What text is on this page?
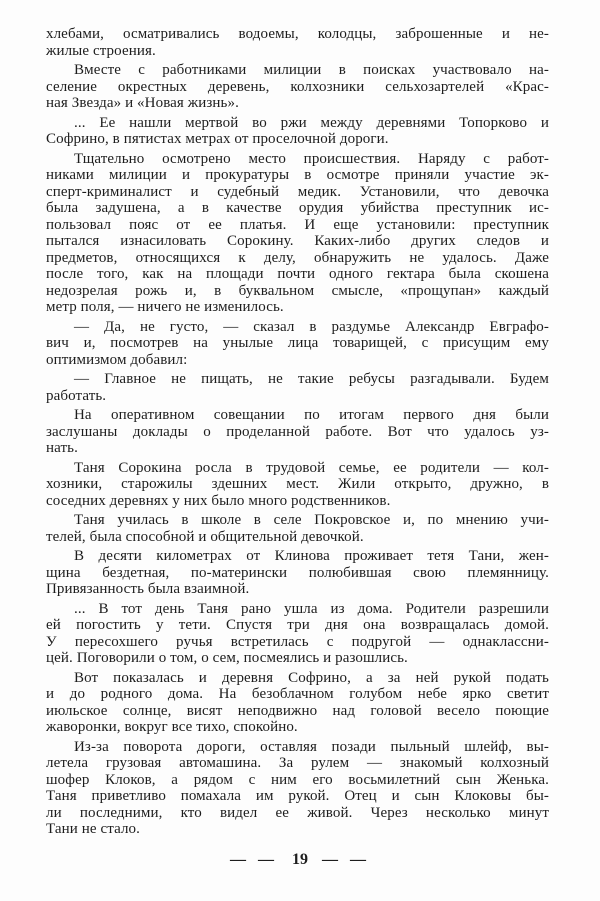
хлебами, осматривались водоемы, колодцы, заброшенные и не-
жилые строения.
Вместе с работниками милиции в поисках участвовало на-
селение окрестных деревень, колхозники сельхозартелей «Крас-
ная Звезда» и «Новая жизнь».
... Ее нашли мертвой во ржи между деревнями Топорково и
Софрино, в пятистах метрах от проселочной дороги.
Тщательно осмотрено место происшествия. Наряду с работ-
никами милиции и прокуратуры в осмотре приняли участие эк-
сперт-криминалист и судебный медик. Установили, что девочка
была задушена, а в качестве орудия убийства преступник ис-
пользовал пояс от ее платья. И еще установили: преступник
пытался изнасиловать Сорокину. Каких-либо других следов и
предметов, относящихся к делу, обнаружить не удалось. Даже
после того, как на площади почти одного гектара была скошена
недозрелая рожь и, в буквальном смысле, «прощупан» каждый
метр поля, — ничего не изменилось.
— Да, не густо, — сказал в раздумье Александр Евграфо-
вич и, посмотрев на унылые лица товарищей, с присущим ему
оптимизмом добавил:
— Главное не пищать, не такие ребусы разгадывали. Будем
работать.
На оперативном совещании по итогам первого дня были
заслушаны доклады о проделанной работе. Вот что удалось уз-
нать.
Таня Сорокина росла в трудовой семье, ее родители — кол-
хозники, старожилы здешних мест. Жили открыто, дружно, в
соседних деревнях у них было много родственников.
Таня училась в школе в селе Покровское и, по мнению учи-
телей, была способной и общительной девочкой.
В десяти километрах от Клинова проживает тетя Тани, жен-
щина бездетная, по-матерински полюбившая свою племянницу.
Привязанность была взаимной.
... В тот день Таня рано ушла из дома. Родители разрешили
ей погостить у тети. Спустя три дня она возвращалась домой.
У пересохшего ручья встретилась с подругой — однаклассни-
цей. Поговорили о том, о сем, посмеялись и разошлись.
Вот показалась и деревня Софрино, а за ней рукой подать
и до родного дома. На безоблачном голубом небе ярко светит
июльское солнце, висят неподвижно над головой весело поющие
жаворонки, вокруг все тихо, спокойно.
Из-за поворота дороги, оставляя позади пыльный шлейф, вы-
летела грузовая автомашина. За рулем — знакомый колхозный
шофер Клоков, а рядом с ним его восьмилетний сын Женька.
Таня приветливо помахала им рукой. Отец и сын Клоковы бы-
ли последними, кто видел ее живой. Через несколько минут
Тани не стало.
— — 19 — —
